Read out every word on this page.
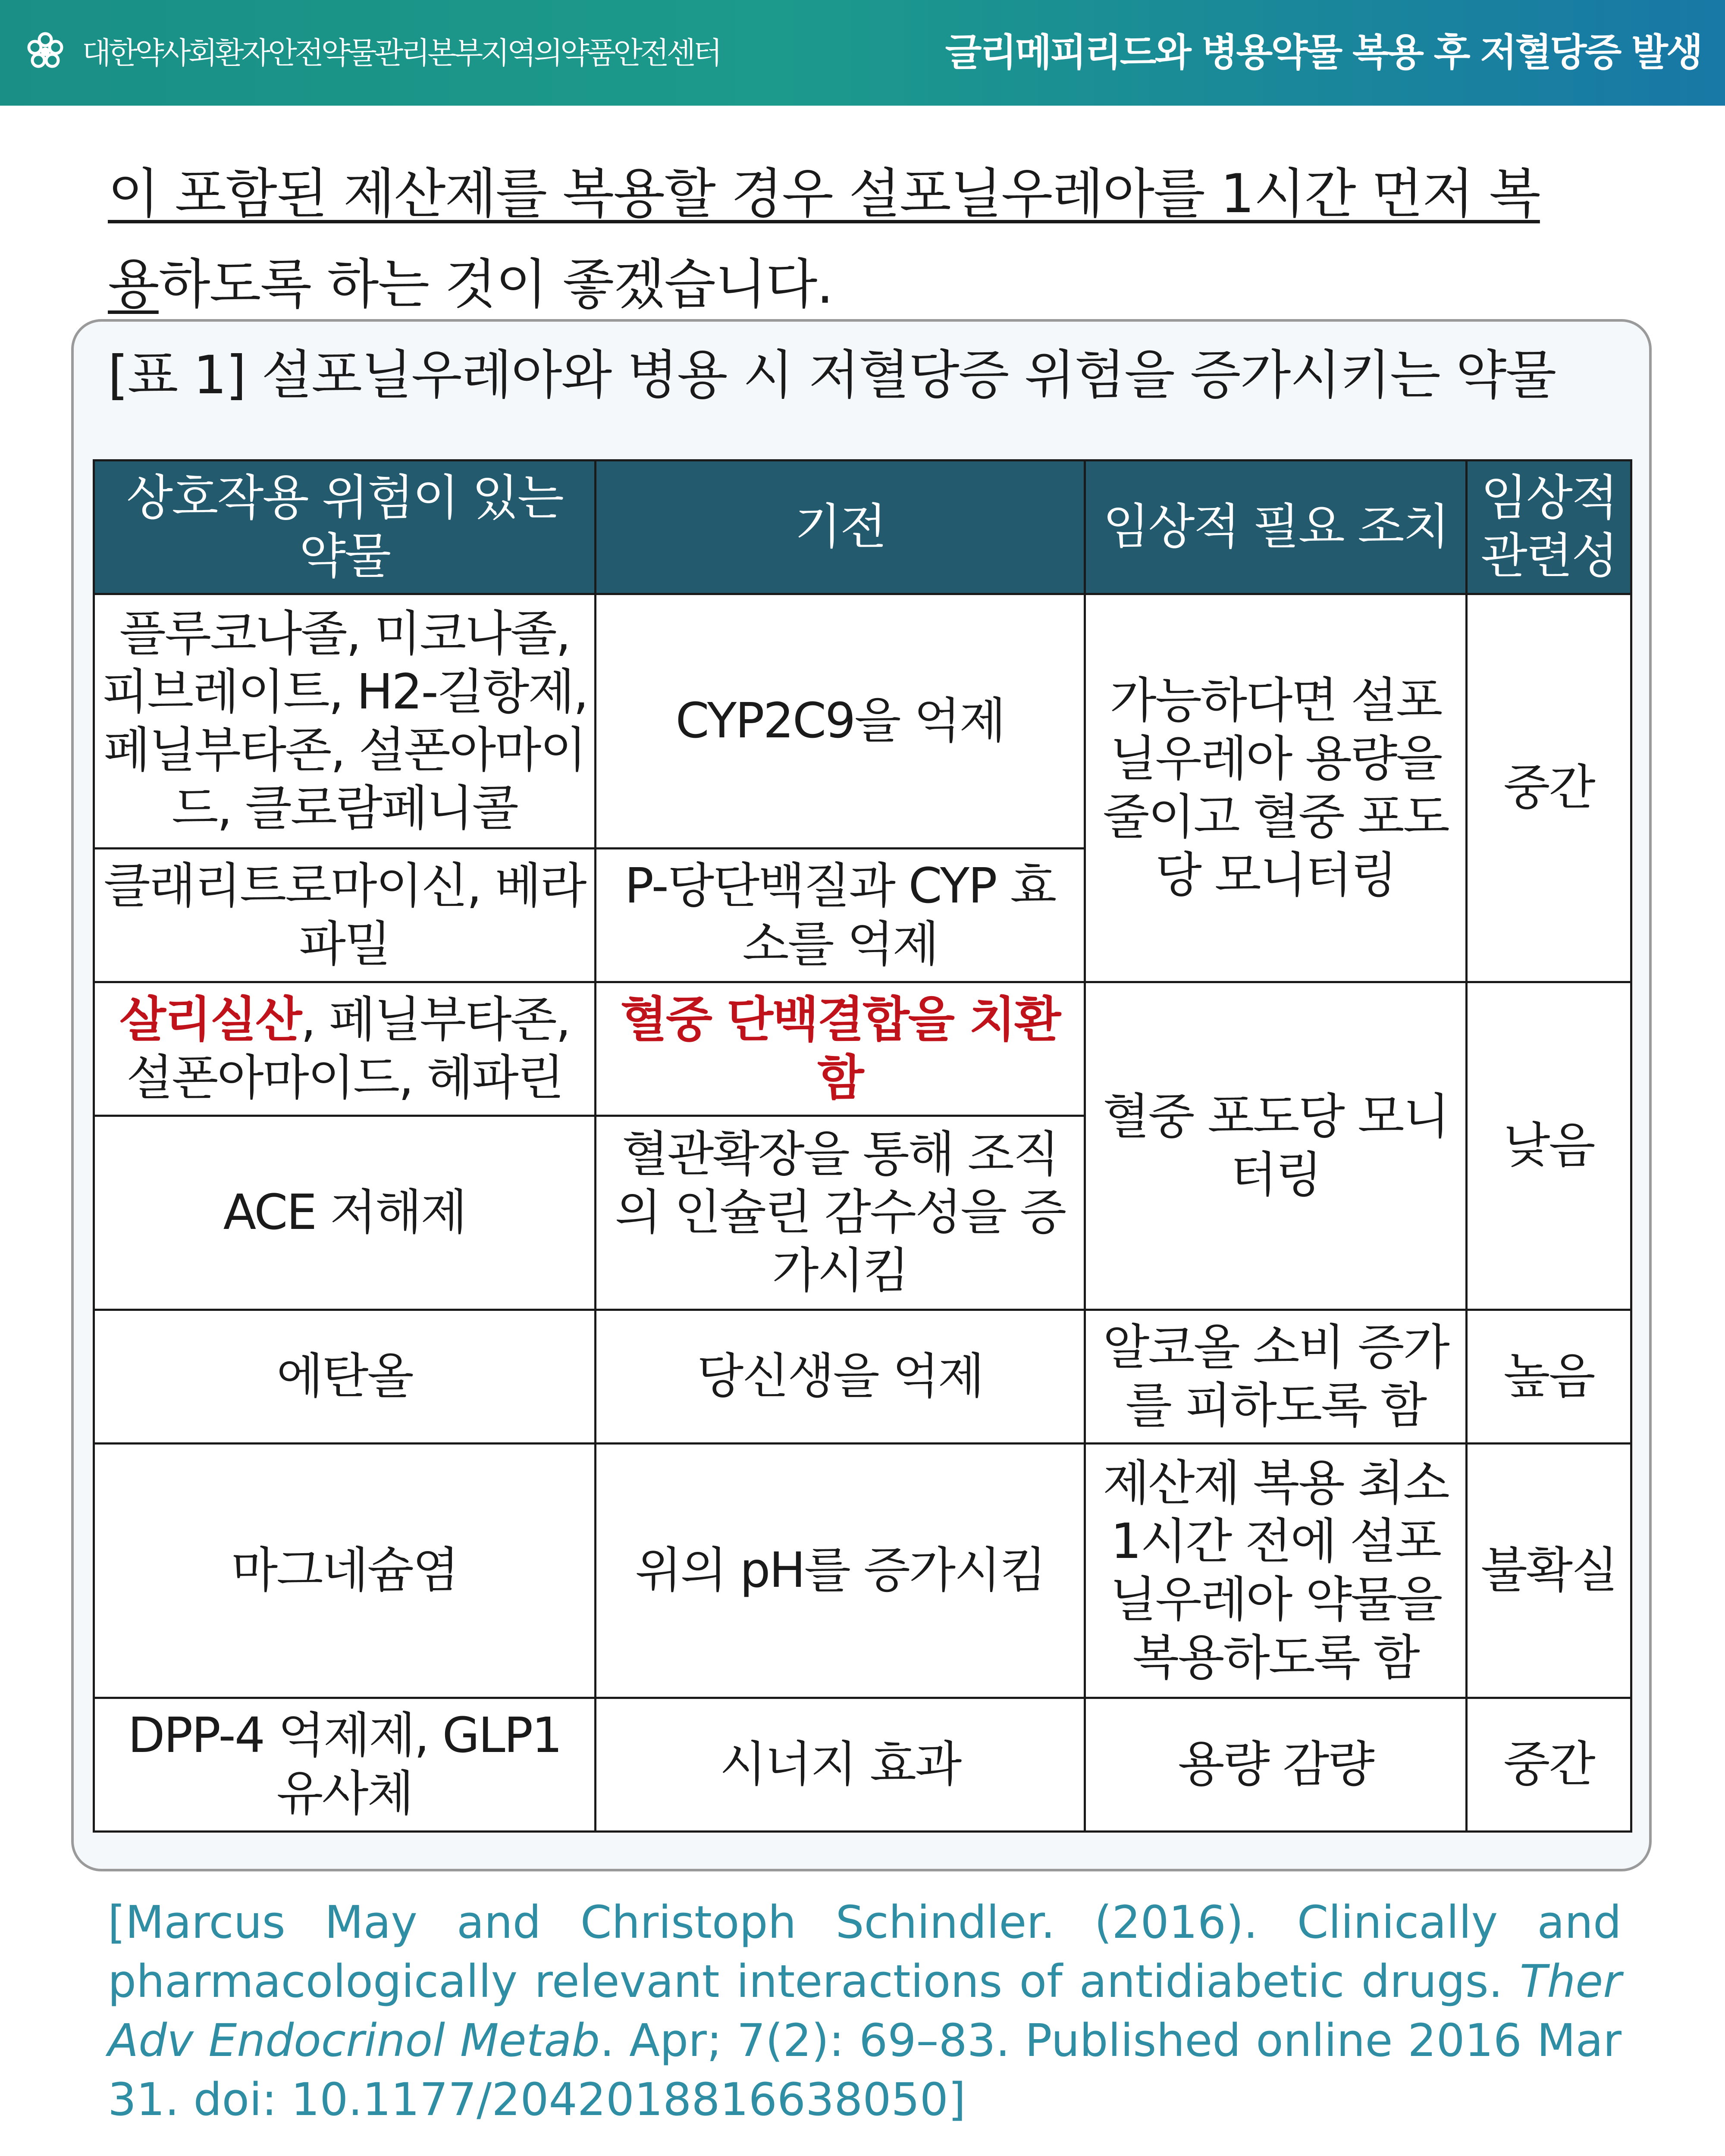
대한약사회환자안전약물관리본부지역의약품안전센터	글리메피리드와 병용약물 복용 후 저혈당증 발생
이 포함된 제산제를 복용할 경우 설포닐우레아를 1시간 먼저 복
용하도록 하는 것이 좋겠습니다.
[표 1] 설포닐우레아와 병용 시 저혈당증 위험을 증가시키는 약물
상호작용 위험이 있는 약물	기전	임상적 필요 조치	임상적 관련성
플루코나졸, 미코나졸, 피브레이트, H2-길항제, 페닐부타존, 설폰아마이드, 클로람페니콜	CYP2C9을 억제	가능하다면 설포닐우레아 용량을 줄이고 혈중 포도당 모니터링	중간
클래리트로마이신, 베라파밀	P-당단백질과 CYP 효소를 억제		
살리실산, 페닐부타존, 설폰아마이드, 헤파린	혈중 단백결합을 치환함	혈중 포도당 모니터링	낮음
ACE 저해제	혈관확장을 통해 조직의 인슐린 감수성을 증가시킴		
에탄올	당신생을 억제	알코올 소비 증가를 피하도록 함	높음
마그네슘염	위의 pH를 증가시킴	제산제 복용 최소 1시간 전에 설포닐우레아 약물을 복용하도록 함	불확실
DPP-4 억제제, GLP1 유사체	시너지 효과	용량 감량	중간
[Marcus May and Christoph Schindler. (2016). Clinically and pharmacologically relevant interactions of antidiabetic drugs. Ther Adv Endocrinol Metab. Apr; 7(2): 69–83. Published online 2016 Mar 31. doi: 10.1177/2042018816638050]
